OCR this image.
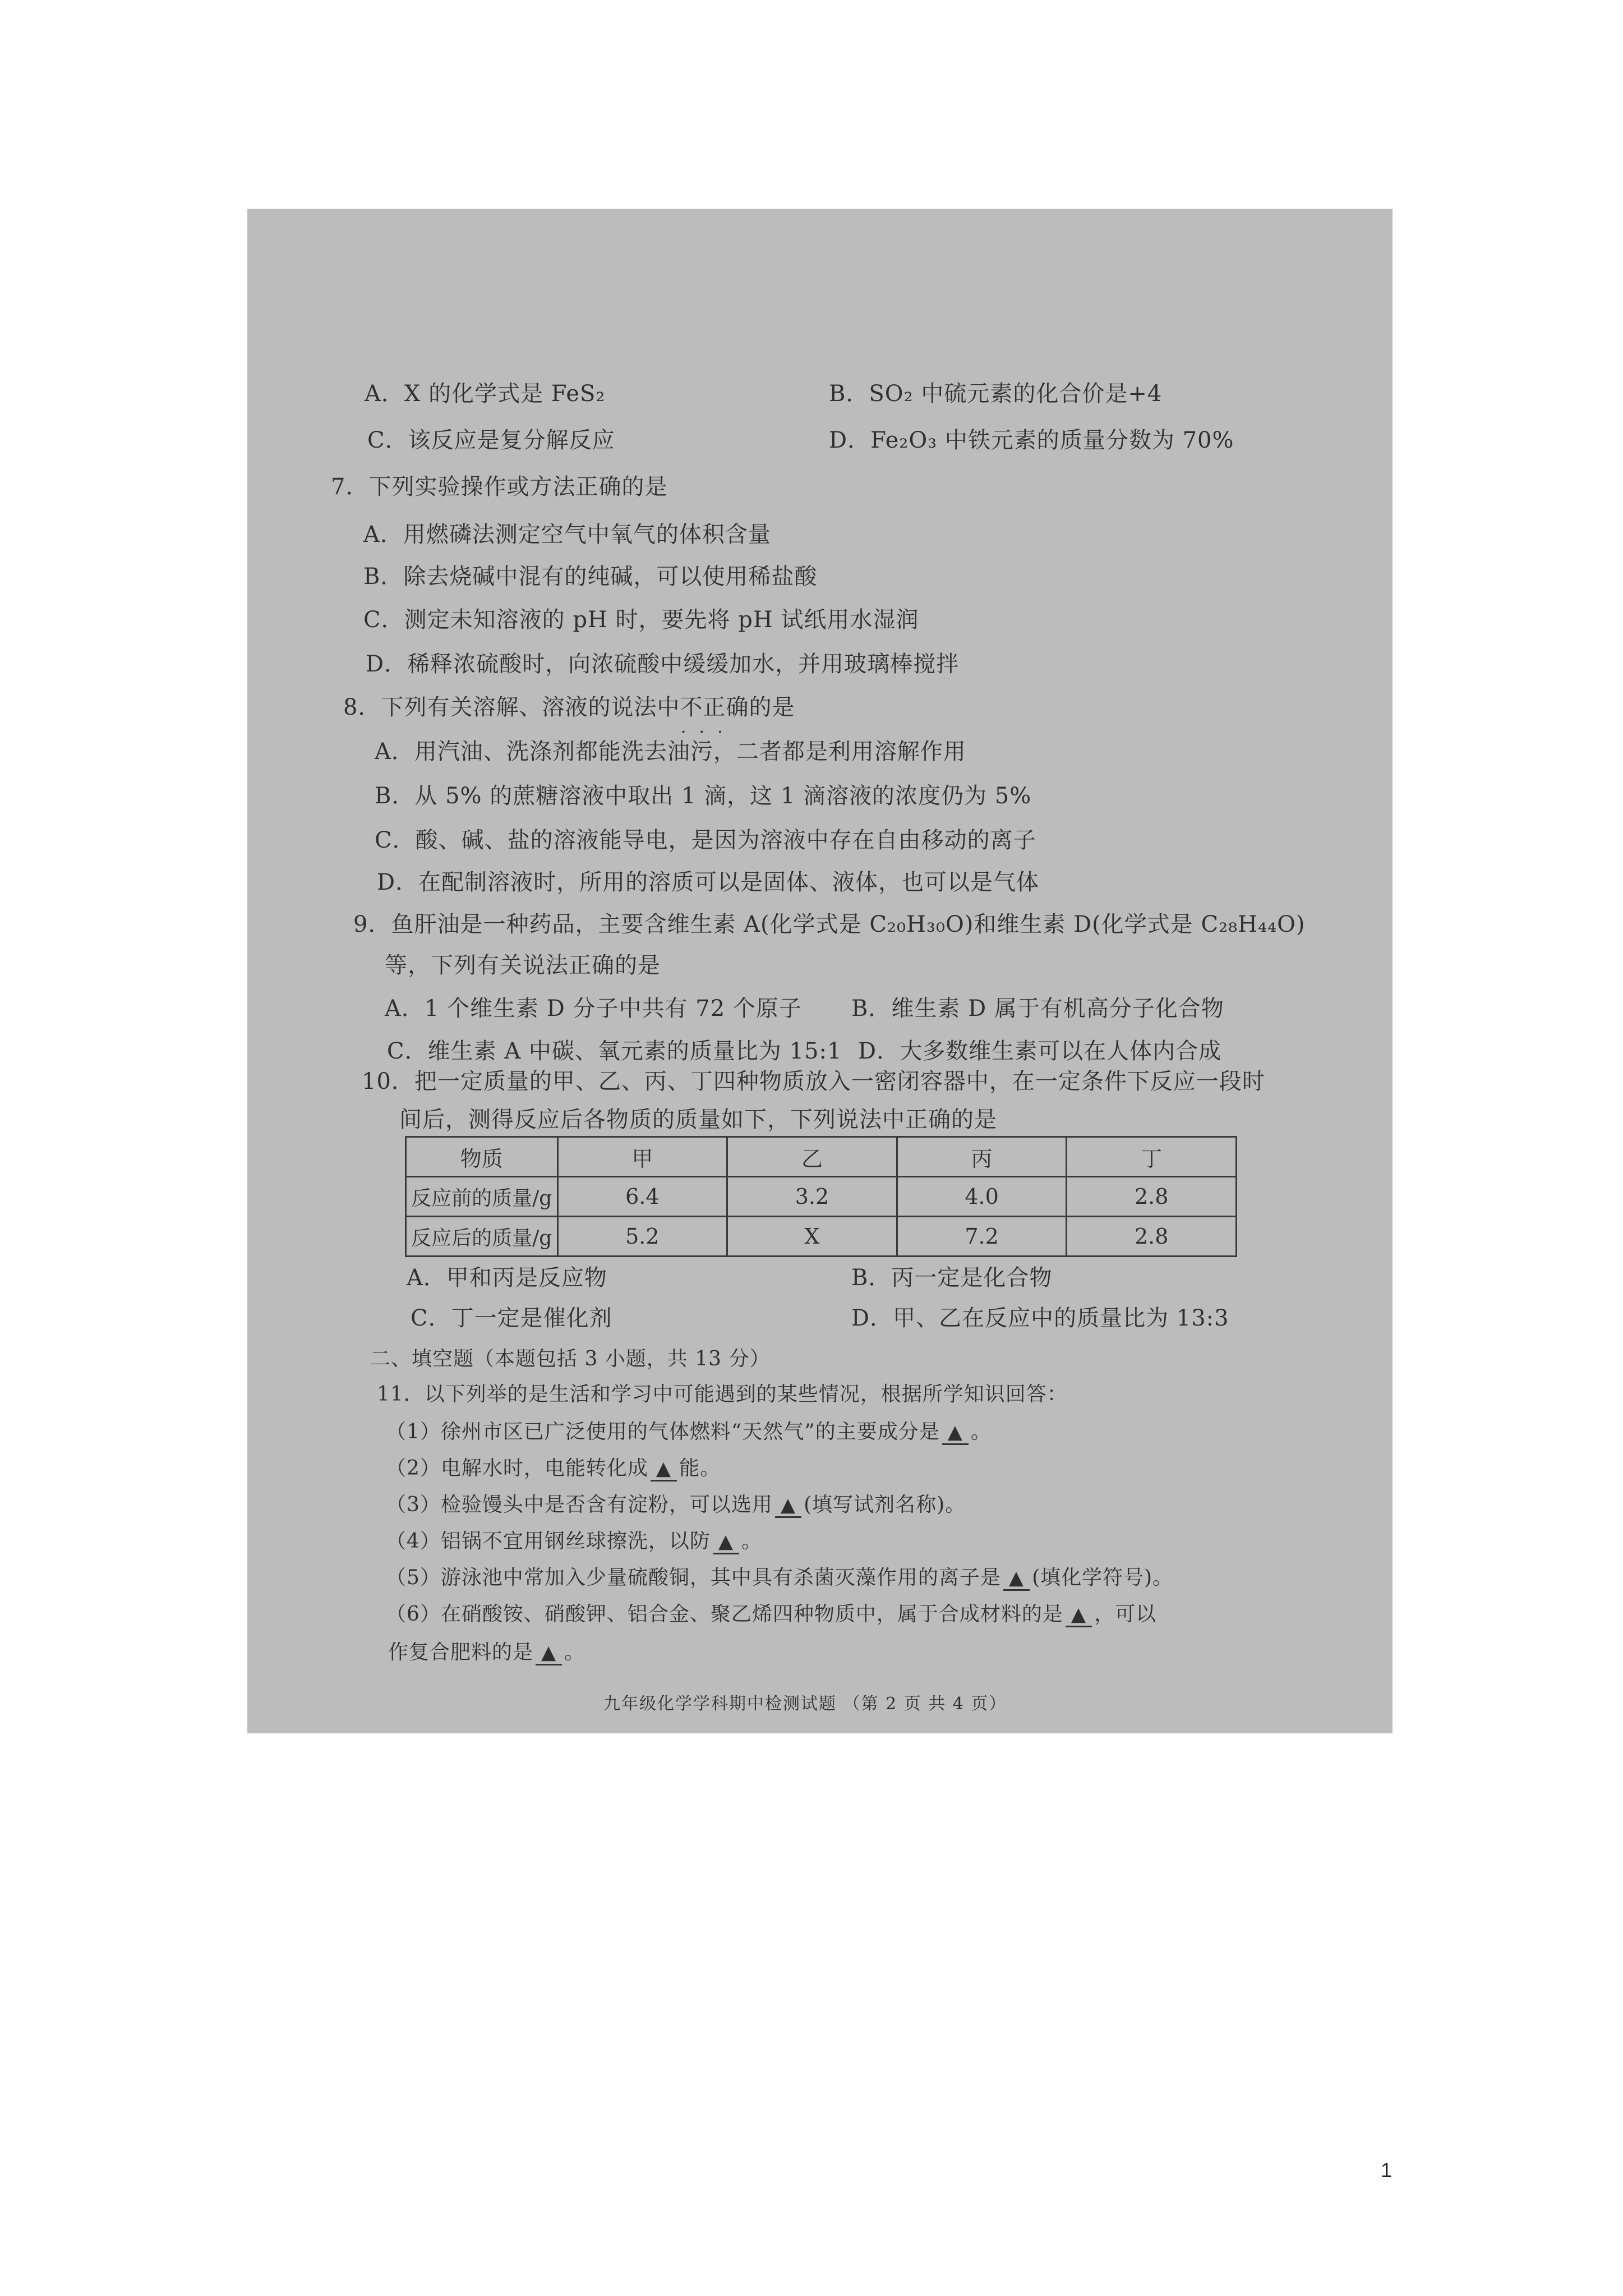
A．X 的化学式是 FeS₂	B．SO₂ 中硫元素的化合价是+4
C．该反应是复分解反应	D．Fe₂O₃ 中铁元素的质量分数为 70%
7．下列实验操作或方法正确的是
A．用燃磷法测定空气中氧气的体积含量
B．除去烧碱中混有的纯碱，可以使用稀盐酸
C．测定未知溶液的 pH 时，要先将 pH 试纸用水湿润
D．稀释浓硫酸时，向浓硫酸中缓缓加水，并用玻璃棒搅拌
8．下列有关溶解、溶液的说法中不正确 • • •的是
A．用汽油、洗涤剂都能洗去油污，二者都是利用溶解作用
B．从 5% 的蔗糖溶液中取出 1 滴，这 1 滴溶液的浓度仍为 5%
C．酸、碱、盐的溶液能导电，是因为溶液中存在自由移动的离子
D．在配制溶液时，所用的溶质可以是固体、液体，也可以是气体
9．鱼肝油是一种药品，主要含维生素 A(化学式是 C₂₀H₃₀O)和维生素 D(化学式是 C₂₈H₄₄O)
等，下列有关说法正确的是
A．1 个维生素 D 分子中共有 72 个原子 B．维生素 D 属于有机高分子化合物
C．维生素 A 中碳、氧元素的质量比为 15:1 D．大多数维生素可以在人体内合成
10．把一定质量的甲、乙、丙、丁四种物质放入一密闭容器中，在一定条件下反应一段时
间后，测得反应后各物质的质量如下，下列说法中正确的是
物质	甲	乙	丙	丁
反应前的质量/g	6.4	3.2	4.0	2.8
反应后的质量/g	5.2	X	7.2	2.8
A．甲和丙是反应物	B．丙一定是化合物
C．丁一定是催化剂	D．甲、乙在反应中的质量比为 13:3
二、填空题（本题包括 3 小题，共 13 分）
11．以下列举的是生活和学习中可能遇到的某些情况，根据所学知识回答：
（1）徐州市区已广泛使用的气体燃料“天然气”的主要成分是 ▲ 。
（2）电解水时，电能转化成 ▲ 能。
（3）检验馒头中是否含有淀粉，可以选用 ▲ (填写试剂名称)。
（4）铝锅不宜用钢丝球擦洗，以防 ▲ 。
（5）游泳池中常加入少量硫酸铜，其中具有杀菌灭藻作用的离子是 ▲ (填化学符号)。
（6）在硝酸铵、硝酸钾、铝合金、聚乙烯四种物质中，属于合成材料的是 ▲ ，可以
作复合肥料的是 ▲ 。
九年级化学学科期中检测试题 （第 2 页 共 4 页）
1
